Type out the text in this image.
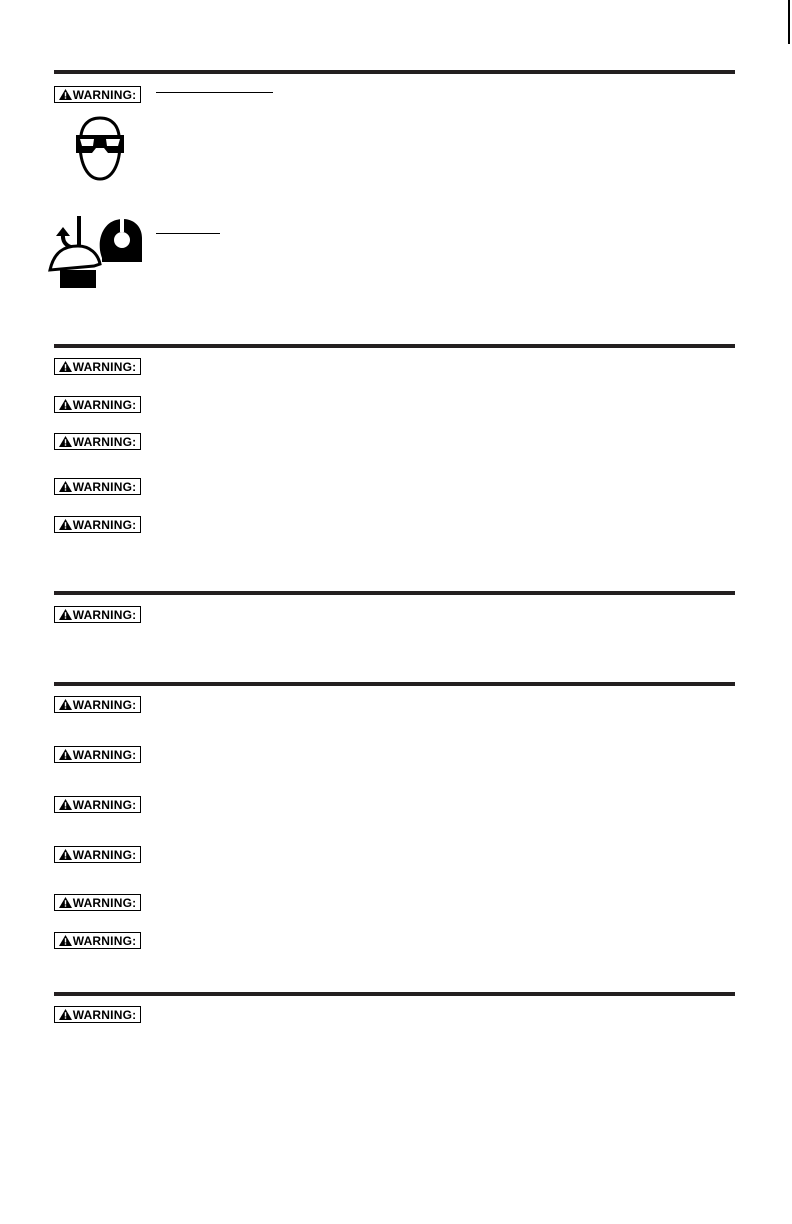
WARNING:
WARNING:
WARNING:
WARNING:
WARNING:
WARNING:
WARNING:
WARNING:
WARNING:
WARNING:
WARNING:
WARNING:
WARNING:
WARNING:
